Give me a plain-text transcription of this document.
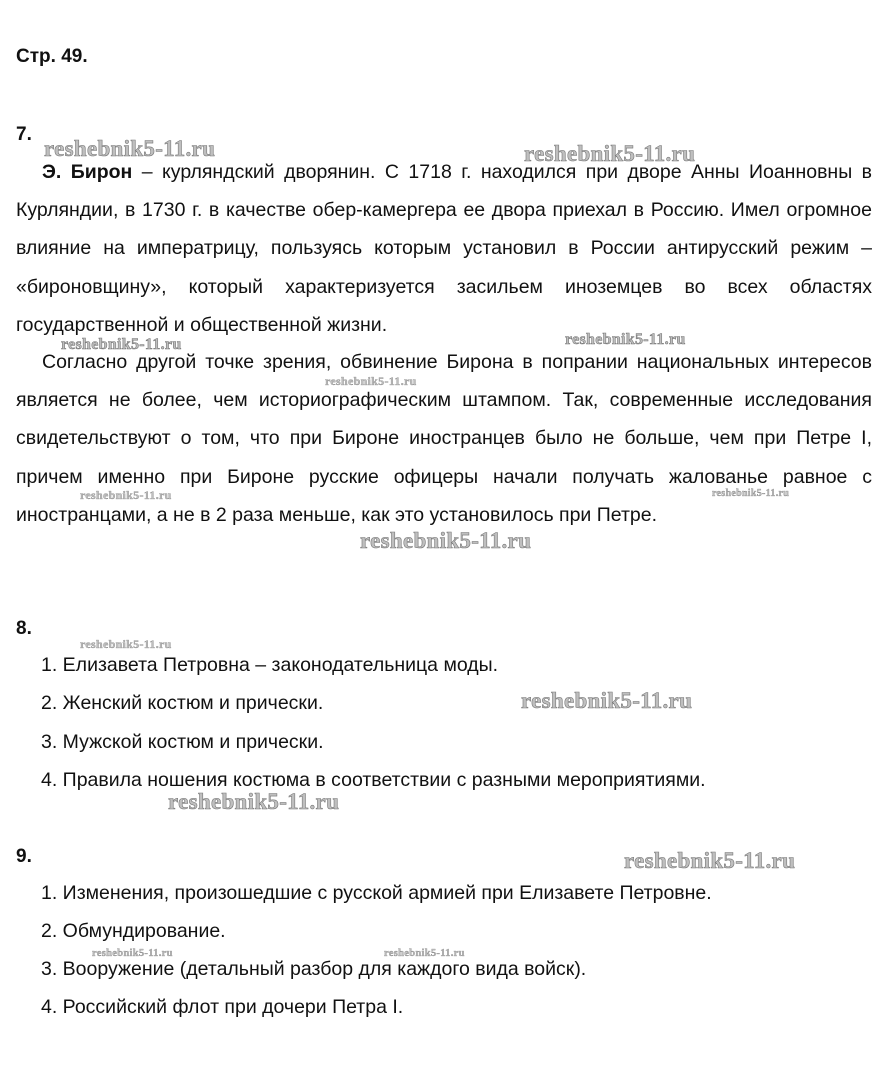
Стр. 49.
7.

Э. Бирон – курляндский дворянин. С 1718 г. находился при дворе Анны Иоанновны в Курляндии, в 1730 г. в качестве обер-камергера ее двора приехал в Россию. Имел огромное влияние на императрицу, пользуясь которым установил в России антирусский режим – «бироновщину», который характеризуется засильем иноземцев во всех областях государственной и общественной жизни.

Согласно другой точке зрения, обвинение Бирона в попрании национальных интересов является не более, чем историографическим штампом. Так, современные исследования свидетельствуют о том, что при Бироне иностранцев было не больше, чем при Петре I, причем именно при Бироне русские офицеры начали получать жалованье равное с иностранцами, а не в 2 раза меньше, как это установилось при Петре.

8.
1. Елизавета Петровна – законодательница моды.
2. Женский костюм и прически.
3. Мужской костюм и прически.
4. Правила ношения костюма в соответствии с разными мероприятиями.
9.
1. Изменения, произошедшие с русской армией при Елизавете Петровне.
2. Обмундирование.
3. Вооружение (детальный разбор для каждого вида войск).
4. Российский флот при дочери Петра I.
reshebnik5-11.ru	reshebnik5-11.ru
reshebnik5-11.ru
reshebnik5-11.ru
reshebnik5-11.ru
reshebnik5-11.ru	reshebnik5-11.ru
reshebnik5-11.ru
reshebnik5-11.ru
reshebnik5-11.ru
reshebnik5-11.ru
reshebnik5-11.ru
reshebnik5-11.ru	reshebnik5-11.ru
